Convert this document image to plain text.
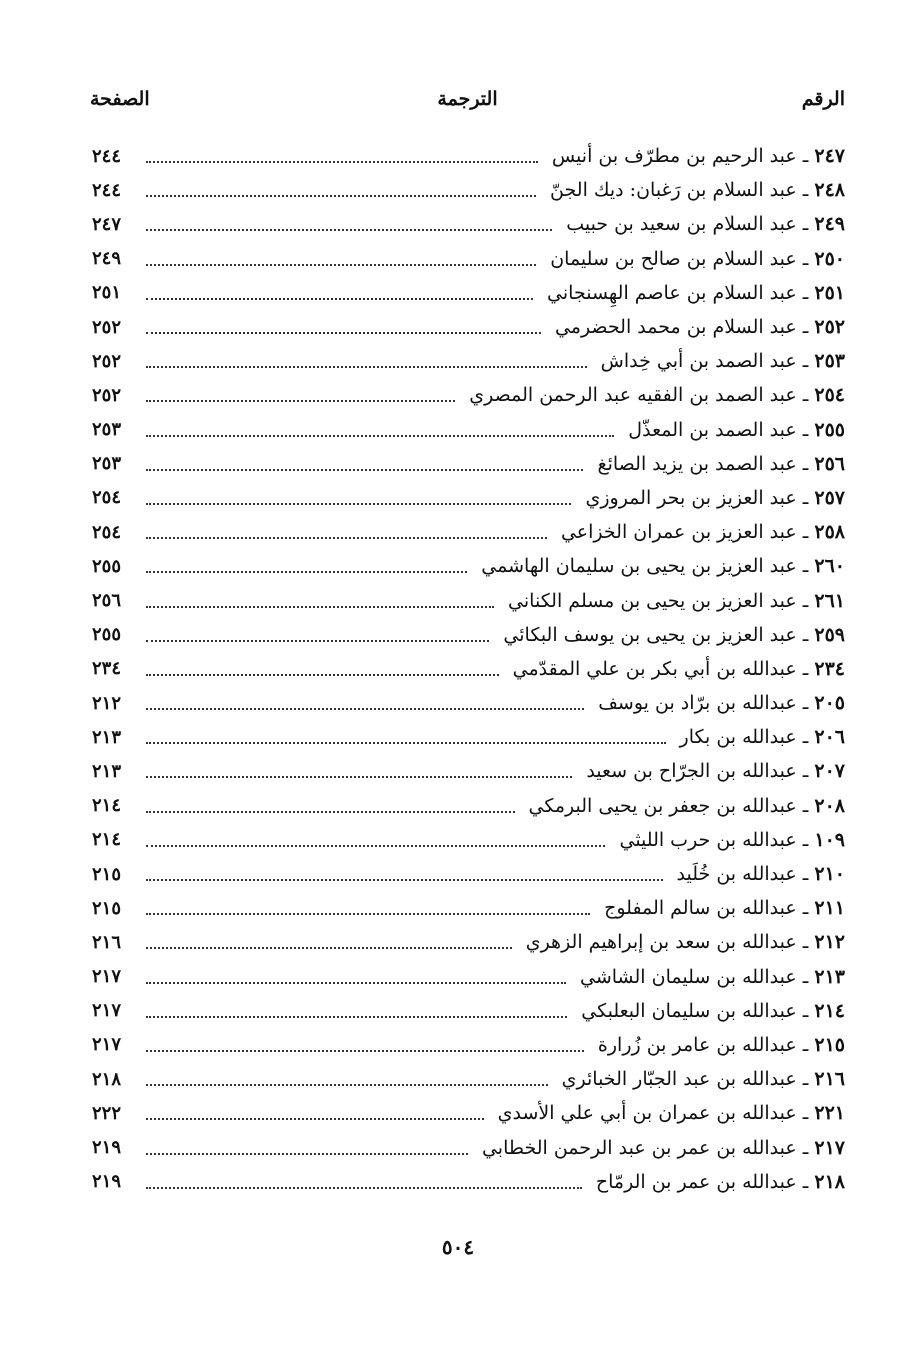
الرقم
الترجمة
الصفحة
٢٤٧ ـ عبد الرحيم بن مطرّف بن أنيس
٢٤٤
٢٤٨ ـ عبد السلام بن رَغبان: ديك الجنّ
٢٤٤
٢٤٩ ـ عبد السلام بن سعيد بن حبيب
٢٤٧
٢٥٠ ـ عبد السلام بن صالح بن سليمان
٢٤٩
٢٥١ ـ عبد السلام بن عاصم الهِسنجاني
٢٥١
٢٥٢ ـ عبد السلام بن محمد الحضرمي
٢٥٢
٢٥٣ ـ عبد الصمد بن أبي خِداش
٢٥٢
٢٥٤ ـ عبد الصمد بن الفقيه عبد الرحمن المصري
٢٥٢
٢٥٥ ـ عبد الصمد بن المعذّل
٢٥٣
٢٥٦ ـ عبد الصمد بن يزيد الصائغ
٢٥٣
٢٥٧ ـ عبد العزيز بن بحر المروزي
٢٥٤
٢٥٨ ـ عبد العزيز بن عمران الخزاعي
٢٥٤
٢٦٠ ـ عبد العزيز بن يحيى بن سليمان الهاشمي
٢٥٥
٢٦١ ـ عبد العزيز بن يحيى بن مسلم الكناني
٢٥٦
٢٥٩ ـ عبد العزيز بن يحيى بن يوسف البكائي
٢٥٥
٢٣٤ ـ عبدالله بن أبي بكر بن علي المقدّمي
٢٣٤
٢٠٥ ـ عبدالله بن برّاد بن يوسف
٢١٢
٢٠٦ ـ عبدالله بن بكار
٢١٣
٢٠٧ ـ عبدالله بن الجرّاح بن سعيد
٢١٣
٢٠٨ ـ عبدالله بن جعفر بن يحيى البرمكي
٢١٤
١٠٩ ـ عبدالله بن حرب الليثي
٢١٤
٢١٠ ـ عبدالله بن خُلَيد
٢١٥
٢١١ ـ عبدالله بن سالم المفلوج
٢١٥
٢١٢ ـ عبدالله بن سعد بن إبراهيم الزهري
٢١٦
٢١٣ ـ عبدالله بن سليمان الشاشي
٢١٧
٢١٤ ـ عبدالله بن سليمان البعلبكي
٢١٧
٢١٥ ـ عبدالله بن عامر بن زُرارة
٢١٧
٢١٦ ـ عبدالله بن عبد الجبّار الخبائري
٢١٨
٢٢١ ـ عبدالله بن عمران بن أبي علي الأسدي
٢٢٢
٢١٧ ـ عبدالله بن عمر بن عبد الرحمن الخطابي
٢١٩
٢١٨ ـ عبدالله بن عمر بن الرمّاح
٢١٩
٥٠٤
